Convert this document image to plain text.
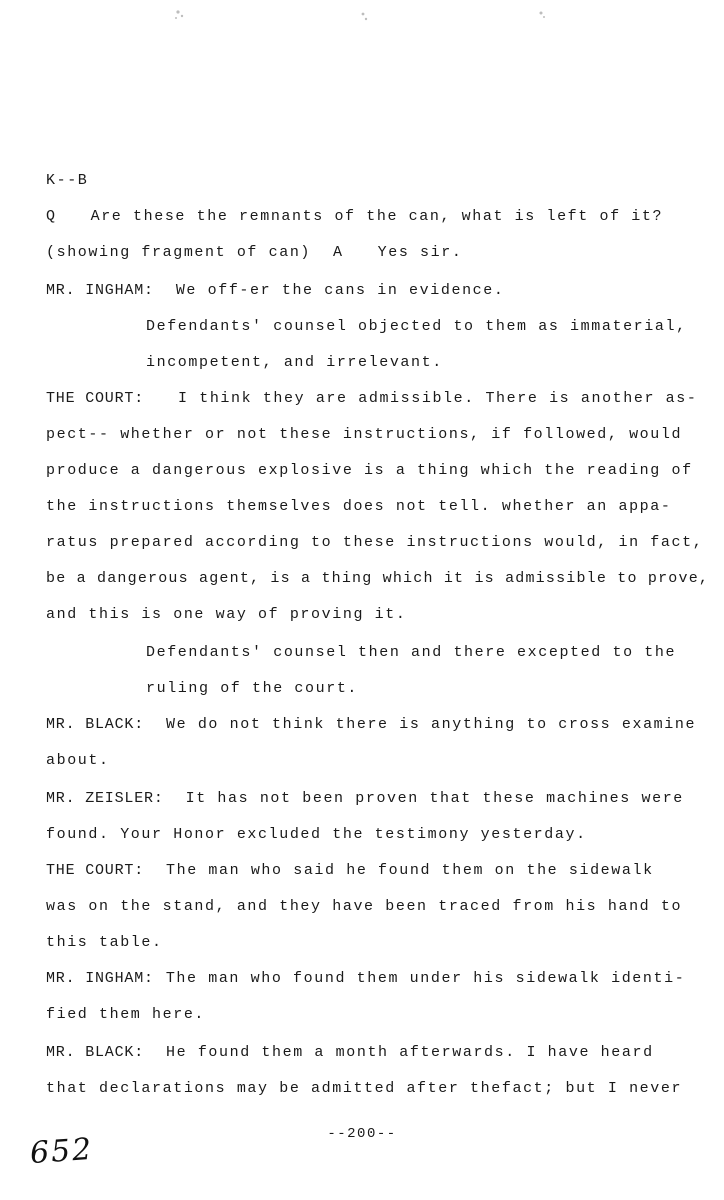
K--B
Q Are these the remnants of the can, what is left of it?
(showing fragment of can) A Yes sir.
MR. INGHAM: We off-er the cans in evidence.
Defendants' counsel objected to them as immaterial,
incompetent, and irrelevant.
THE COURT: I think they are admissible. There is another as-
pect-- whether or not these instructions, if followed, would
produce a dangerous explosive is a thing which the reading of
the instructions themselves does not tell. whether an appa-
ratus prepared according to these instructions would, in fact,
be a dangerous agent, is a thing which it is admissible to prove,
and this is one way of proving it.
Defendants' counsel then and there excepted to the
ruling of the court.
MR. BLACK: We do not think there is anything to cross examine
about.
MR. ZEISLER: It has not been proven that these machines were
found. Your Honor excluded the testimony yesterday.
THE COURT: The man who said he found them on the sidewalk
was on the stand, and they have been traced from his hand to
this table.
MR. INGHAM: The man who found them under his sidewalk identi-
fied them here.
MR. BLACK: He found them a month afterwards. I have heard
that declarations may be admitted after thefact; but I never
--200--
652
